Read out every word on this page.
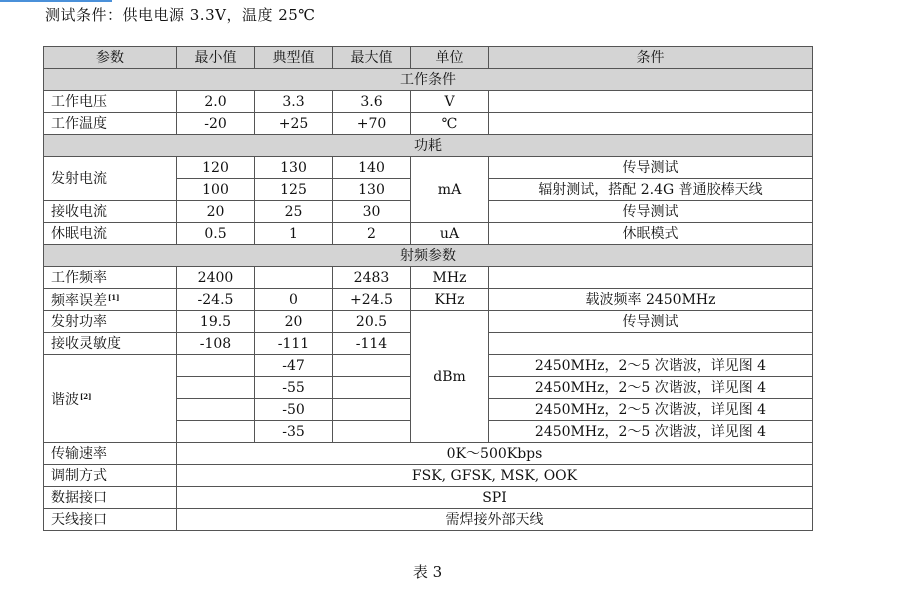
测试条件：供电电源 3.3V，温度 25℃
参数	最小值	典型值	最大值	单位	条件
工作条件					
工作电压	2.0	3.3	3.6	V	
工作温度	-20	+25	+70	℃	
功耗					
发射电流	120	130	140	mA	传导测试
	100	125	130		辐射测试，搭配 2.4G 普通胶棒天线
接收电流	20	25	30		传导测试
休眠电流	0.5	1	2	uA	休眠模式
射频参数					
工作频率	2400		2483	MHz	
频率误差[1]	-24.5	0	+24.5	KHz	载波频率 2450MHz
发射功率	19.5	20	20.5	dBm	传导测试
接收灵敏度	-108	-111	-114		
谐波[2]		-47			2450MHz，2～5 次谐波，详见图 4
		-55			2450MHz，2～5 次谐波，详见图 4
		-50			2450MHz，2～5 次谐波，详见图 4
		-35			2450MHz，2～5 次谐波，详见图 4
传输速率	0K～500Kbps				
调制方式	FSK, GFSK, MSK, OOK				
数据接口	SPI				
天线接口	需焊接外部天线				
表 3
